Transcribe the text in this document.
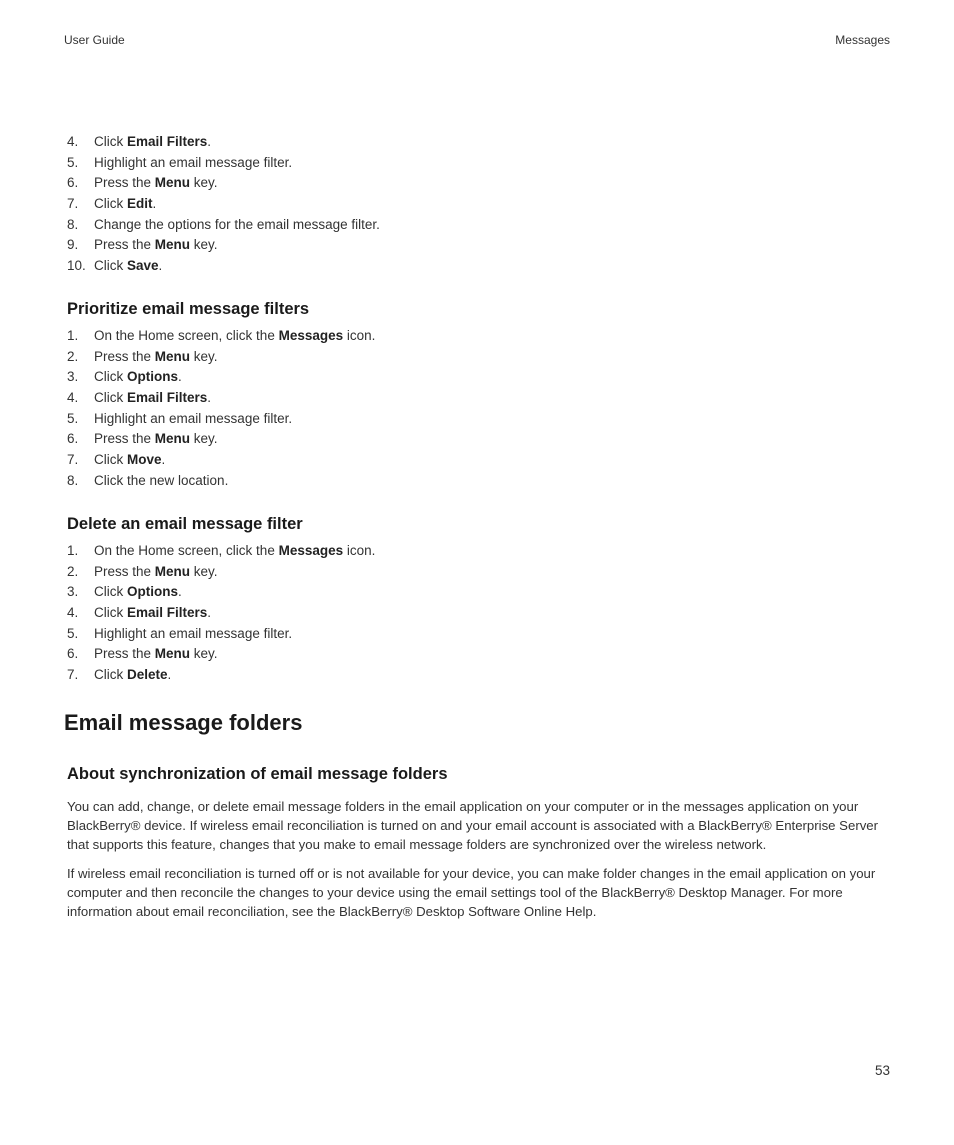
User Guide	Messages
4. Click Email Filters.
5. Highlight an email message filter.
6. Press the Menu key.
7. Click Edit.
8. Change the options for the email message filter.
9. Press the Menu key.
10. Click Save.
Prioritize email message filters
1. On the Home screen, click the Messages icon.
2. Press the Menu key.
3. Click Options.
4. Click Email Filters.
5. Highlight an email message filter.
6. Press the Menu key.
7. Click Move.
8. Click the new location.
Delete an email message filter
1. On the Home screen, click the Messages icon.
2. Press the Menu key.
3. Click Options.
4. Click Email Filters.
5. Highlight an email message filter.
6. Press the Menu key.
7. Click Delete.
Email message folders
About synchronization of email message folders

You can add, change, or delete email message folders in the email application on your computer or in the messages application on your BlackBerry® device. If wireless email reconciliation is turned on and your email account is associated with a BlackBerry® Enterprise Server that supports this feature, changes that you make to email message folders are synchronized over the wireless network.

If wireless email reconciliation is turned off or is not available for your device, you can make folder changes in the email application on your computer and then reconcile the changes to your device using the email settings tool of the BlackBerry® Desktop Manager. For more information about email reconciliation, see the BlackBerry® Desktop Software Online Help.

53
